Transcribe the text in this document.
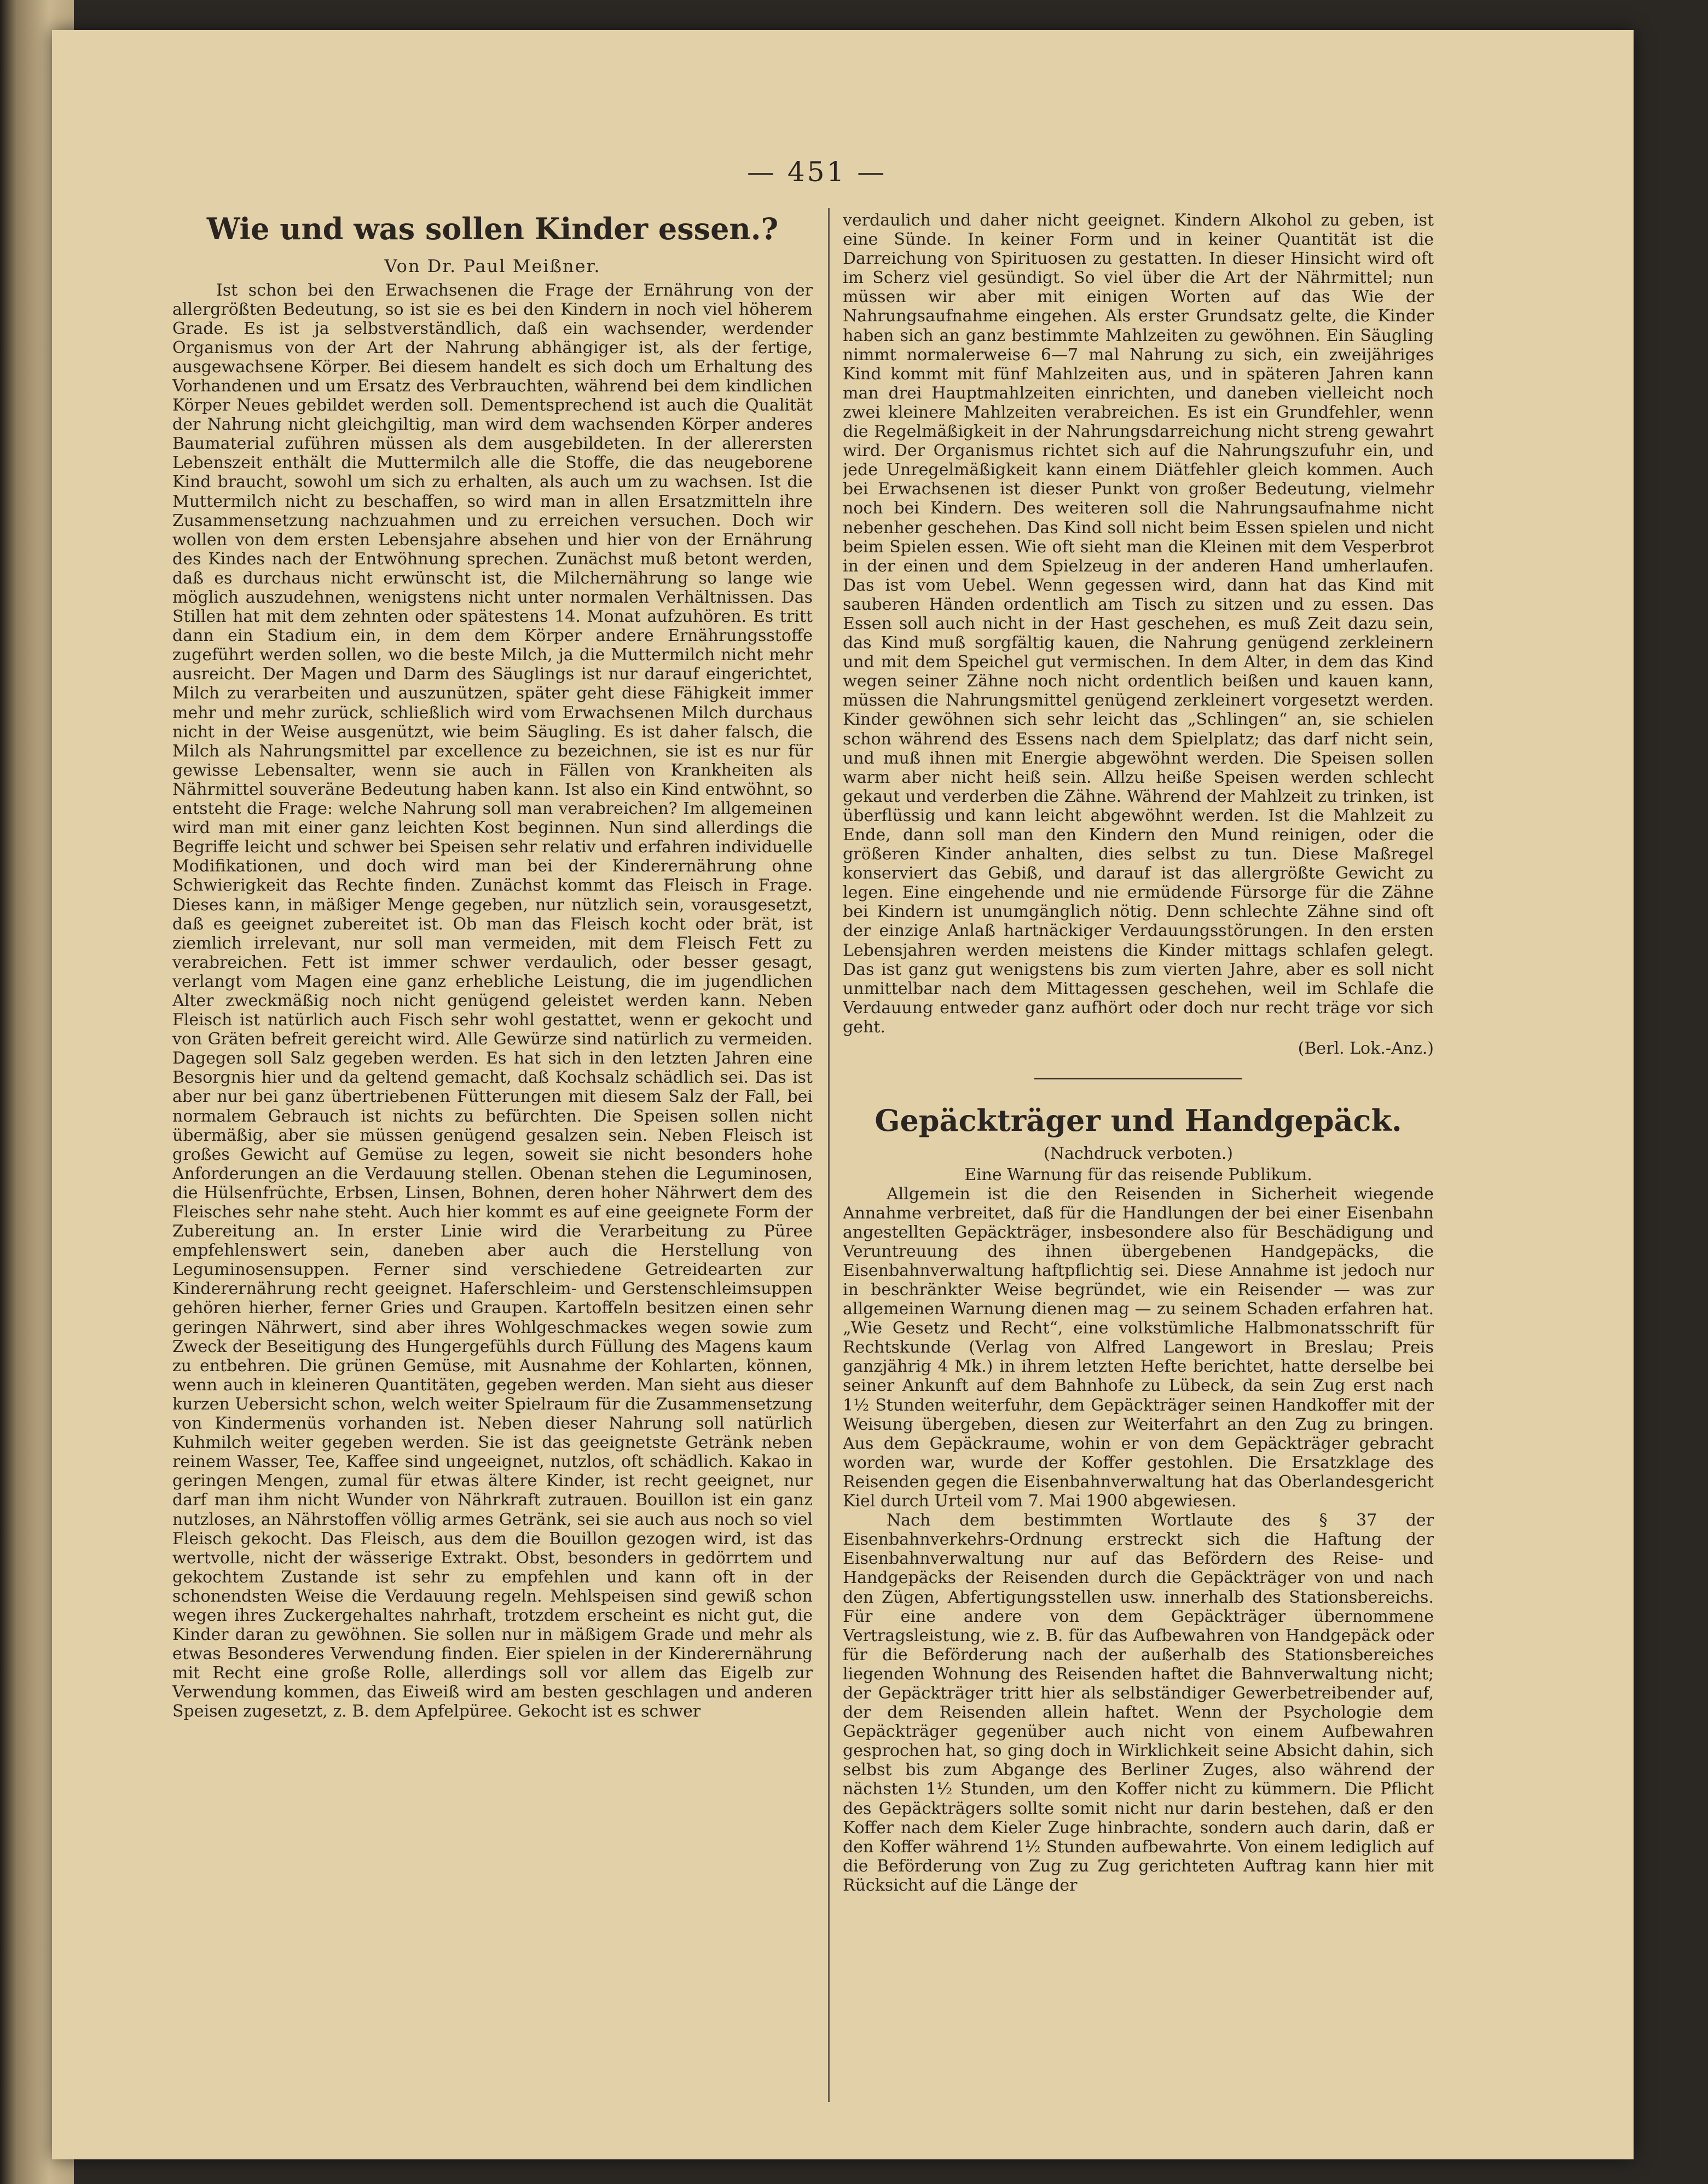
— 451 —
Wie und was sollen Kinder essen.?

Von Dr. Paul Meißner.

Ist schon bei den Erwachsenen die Frage der Ernährung von der allergrößten Bedeutung, so ist sie es bei den Kindern in noch viel höherem Grade. Es ist ja selbstverständlich, daß ein wachsender, werdender Organismus von der Art der Nahrung abhängiger ist, als der fertige, ausgewachsene Körper. Bei diesem handelt es sich doch um Erhaltung des Vorhandenen und um Ersatz des Verbrauchten, während bei dem kindlichen Körper Neues gebildet werden soll. Dementsprechend ist auch die Qualität der Nahrung nicht gleichgiltig, man wird dem wachsenden Körper anderes Baumaterial zuführen müssen als dem ausgebildeten. In der allerersten Lebenszeit enthält die Muttermilch alle die Stoffe, die das neugeborene Kind braucht, sowohl um sich zu erhalten, als auch um zu wachsen. Ist die Muttermilch nicht zu beschaffen, so wird man in allen Ersatzmitteln ihre Zusammensetzung nachzuahmen und zu erreichen versuchen. Doch wir wollen von dem ersten Lebensjahre absehen und hier von der Ernährung des Kindes nach der Entwöhnung sprechen. Zunächst muß betont werden, daß es durchaus nicht erwünscht ist, die Milchernährung so lange wie möglich auszudehnen, wenigstens nicht unter normalen Verhältnissen. Das Stillen hat mit dem zehnten oder spätestens 14. Monat aufzuhören. Es tritt dann ein Stadium ein, in dem dem Körper andere Ernährungsstoffe zugeführt werden sollen, wo die beste Milch, ja die Muttermilch nicht mehr ausreicht. Der Magen und Darm des Säuglings ist nur darauf eingerichtet, Milch zu verarbeiten und auszunützen, später geht diese Fähigkeit immer mehr und mehr zurück, schließlich wird vom Erwachsenen Milch durchaus nicht in der Weise ausgenützt, wie beim Säugling. Es ist daher falsch, die Milch als Nahrungsmittel par excellence zu bezeichnen, sie ist es nur für gewisse Lebensalter, wenn sie auch in Fällen von Krankheiten als Nährmittel souveräne Bedeutung haben kann. Ist also ein Kind entwöhnt, so entsteht die Frage: welche Nahrung soll man verabreichen? Im allgemeinen wird man mit einer ganz leichten Kost beginnen. Nun sind allerdings die Begriffe leicht und schwer bei Speisen sehr relativ und erfahren individuelle Modifikationen, und doch wird man bei der Kinderernährung ohne Schwierigkeit das Rechte finden. Zunächst kommt das Fleisch in Frage. Dieses kann, in mäßiger Menge gegeben, nur nützlich sein, vorausgesetzt, daß es geeignet zubereitet ist. Ob man das Fleisch kocht oder brät, ist ziemlich irrelevant, nur soll man vermeiden, mit dem Fleisch Fett zu verabreichen. Fett ist immer schwer verdaulich, oder besser gesagt, verlangt vom Magen eine ganz erhebliche Leistung, die im jugendlichen Alter zweckmäßig noch nicht genügend geleistet werden kann. Neben Fleisch ist natürlich auch Fisch sehr wohl gestattet, wenn er gekocht und von Gräten befreit gereicht wird. Alle Gewürze sind natürlich zu vermeiden. Dagegen soll Salz gegeben werden. Es hat sich in den letzten Jahren eine Besorgnis hier und da geltend gemacht, daß Kochsalz schädlich sei. Das ist aber nur bei ganz übertriebenen Fütterungen mit diesem Salz der Fall, bei normalem Gebrauch ist nichts zu befürchten. Die Speisen sollen nicht übermäßig, aber sie müssen genügend gesalzen sein. Neben Fleisch ist großes Gewicht auf Gemüse zu legen, soweit sie nicht besonders hohe Anforderungen an die Verdauung stellen. Obenan stehen die Leguminosen, die Hülsenfrüchte, Erbsen, Linsen, Bohnen, deren hoher Nährwert dem des Fleisches sehr nahe steht. Auch hier kommt es auf eine geeignete Form der Zubereitung an. In erster Linie wird die Verarbeitung zu Püree empfehlenswert sein, daneben aber auch die Herstellung von Leguminosensuppen. Ferner sind verschiedene Getreidearten zur Kinderernährung recht geeignet. Haferschleim- und Gerstenschleimsuppen gehören hierher, ferner Gries und Graupen. Kartoffeln besitzen einen sehr geringen Nährwert, sind aber ihres Wohlgeschmackes wegen sowie zum Zweck der Beseitigung des Hungergefühls durch Füllung des Magens kaum zu entbehren. Die grünen Gemüse, mit Ausnahme der Kohlarten, können, wenn auch in kleineren Quantitäten, gegeben werden. Man sieht aus dieser kurzen Uebersicht schon, welch weiter Spielraum für die Zusammensetzung von Kindermenüs vorhanden ist. Neben dieser Nahrung soll natürlich Kuhmilch weiter gegeben werden. Sie ist das geeignetste Getränk neben reinem Wasser, Tee, Kaffee sind ungeeignet, nutzlos, oft schädlich. Kakao in geringen Mengen, zumal für etwas ältere Kinder, ist recht geeignet, nur darf man ihm nicht Wunder von Nährkraft zutrauen. Bouillon ist ein ganz nutzloses, an Nährstoffen völlig armes Getränk, sei sie auch aus noch so viel Fleisch gekocht. Das Fleisch, aus dem die Bouillon gezogen wird, ist das wertvolle, nicht der wässerige Extrakt. Obst, besonders in gedörrtem und gekochtem Zustande ist sehr zu empfehlen und kann oft in der schonendsten Weise die Verdauung regeln. Mehlspeisen sind gewiß schon wegen ihres Zuckergehaltes nahrhaft, trotzdem erscheint es nicht gut, die Kinder daran zu gewöhnen. Sie sollen nur in mäßigem Grade und mehr als etwas Besonderes Verwendung finden. Eier spielen in der Kinderernährung mit Recht eine große Rolle, allerdings soll vor allem das Eigelb zur Verwendung kommen, das Eiweiß wird am besten geschlagen und anderen Speisen zugesetzt, z. B. dem Apfelpüree. Gekocht ist es schwer

verdaulich und daher nicht geeignet. Kindern Alkohol zu geben, ist eine Sünde. In keiner Form und in keiner Quantität ist die Darreichung von Spirituosen zu gestatten. In dieser Hinsicht wird oft im Scherz viel gesündigt. So viel über die Art der Nährmittel; nun müssen wir aber mit einigen Worten auf das Wie der Nahrungsaufnahme eingehen. Als erster Grundsatz gelte, die Kinder haben sich an ganz bestimmte Mahlzeiten zu gewöhnen. Ein Säugling nimmt normalerweise 6—7 mal Nahrung zu sich, ein zweijähriges Kind kommt mit fünf Mahlzeiten aus, und in späteren Jahren kann man drei Hauptmahlzeiten einrichten, und daneben vielleicht noch zwei kleinere Mahlzeiten verabreichen. Es ist ein Grundfehler, wenn die Regelmäßigkeit in der Nahrungsdarreichung nicht streng gewahrt wird. Der Organismus richtet sich auf die Nahrungszufuhr ein, und jede Unregelmäßigkeit kann einem Diätfehler gleich kommen. Auch bei Erwachsenen ist dieser Punkt von großer Bedeutung, vielmehr noch bei Kindern. Des weiteren soll die Nahrungsaufnahme nicht nebenher geschehen. Das Kind soll nicht beim Essen spielen und nicht beim Spielen essen. Wie oft sieht man die Kleinen mit dem Vesperbrot in der einen und dem Spielzeug in der anderen Hand umherlaufen. Das ist vom Uebel. Wenn gegessen wird, dann hat das Kind mit sauberen Händen ordentlich am Tisch zu sitzen und zu essen. Das Essen soll auch nicht in der Hast geschehen, es muß Zeit dazu sein, das Kind muß sorgfältig kauen, die Nahrung genügend zerkleinern und mit dem Speichel gut vermischen. In dem Alter, in dem das Kind wegen seiner Zähne noch nicht ordentlich beißen und kauen kann, müssen die Nahrungsmittel genügend zerkleinert vorgesetzt werden. Kinder gewöhnen sich sehr leicht das „Schlingen“ an, sie schielen schon während des Essens nach dem Spielplatz; das darf nicht sein, und muß ihnen mit Energie abgewöhnt werden. Die Speisen sollen warm aber nicht heiß sein. Allzu heiße Speisen werden schlecht gekaut und verderben die Zähne. Während der Mahlzeit zu trinken, ist überflüssig und kann leicht abgewöhnt werden. Ist die Mahlzeit zu Ende, dann soll man den Kindern den Mund reinigen, oder die größeren Kinder anhalten, dies selbst zu tun. Diese Maßregel konserviert das Gebiß, und darauf ist das allergrößte Gewicht zu legen. Eine eingehende und nie ermüdende Fürsorge für die Zähne bei Kindern ist unumgänglich nötig. Denn schlechte Zähne sind oft der einzige Anlaß hartnäckiger Verdauungsstörungen. In den ersten Lebensjahren werden meistens die Kinder mittags schlafen gelegt. Das ist ganz gut wenigstens bis zum vierten Jahre, aber es soll nicht unmittelbar nach dem Mittagessen geschehen, weil im Schlafe die Verdauung entweder ganz aufhört oder doch nur recht träge vor sich geht.

(Berl. Lok.-Anz.)

Gepäckträger und Handgepäck.

(Nachdruck verboten.)

Eine Warnung für das reisende Publikum.

Allgemein ist die den Reisenden in Sicherheit wiegende Annahme verbreitet, daß für die Handlungen der bei einer Eisenbahn angestellten Gepäckträger, insbesondere also für Beschädigung und Veruntreuung des ihnen übergebenen Handgepäcks, die Eisenbahnverwaltung haftpflichtig sei. Diese Annahme ist jedoch nur in beschränkter Weise begründet, wie ein Reisender — was zur allgemeinen Warnung dienen mag — zu seinem Schaden erfahren hat. „Wie Gesetz und Recht“, eine volkstümliche Halbmonatsschrift für Rechtskunde (Verlag von Alfred Langewort in Breslau; Preis ganzjährig 4 Mk.) in ihrem letzten Hefte berichtet, hatte derselbe bei seiner Ankunft auf dem Bahnhofe zu Lübeck, da sein Zug erst nach 1½ Stunden weiterfuhr, dem Gepäckträger seinen Handkoffer mit der Weisung übergeben, diesen zur Weiterfahrt an den Zug zu bringen. Aus dem Gepäckraume, wohin er von dem Gepäckträger gebracht worden war, wurde der Koffer gestohlen. Die Ersatzklage des Reisenden gegen die Eisenbahnverwaltung hat das Oberlandesgericht Kiel durch Urteil vom 7. Mai 1900 abgewiesen.

Nach dem bestimmten Wortlaute des § 37 der Eisenbahnverkehrs-Ordnung erstreckt sich die Haftung der Eisenbahnverwaltung nur auf das Befördern des Reise- und Handgepäcks der Reisenden durch die Gepäckträger von und nach den Zügen, Abfertigungsstellen usw. innerhalb des Stationsbereichs. Für eine andere von dem Gepäckträger übernommene Vertragsleistung, wie z. B. für das Aufbewahren von Handgepäck oder für die Beförderung nach der außerhalb des Stationsbereiches liegenden Wohnung des Reisenden haftet die Bahnverwaltung nicht; der Gepäckträger tritt hier als selbständiger Gewerbetreibender auf, der dem Reisenden allein haftet. Wenn der Psychologie dem Gepäckträger gegenüber auch nicht von einem Aufbewahren gesprochen hat, so ging doch in Wirklichkeit seine Absicht dahin, sich selbst bis zum Abgange des Berliner Zuges, also während der nächsten 1½ Stunden, um den Koffer nicht zu kümmern. Die Pflicht des Gepäckträgers sollte somit nicht nur darin bestehen, daß er den Koffer nach dem Kieler Zuge hinbrachte, sondern auch darin, daß er den Koffer während 1½ Stunden aufbewahrte. Von einem lediglich auf die Beförderung von Zug zu Zug gerichteten Auftrag kann hier mit Rücksicht auf die Länge der
